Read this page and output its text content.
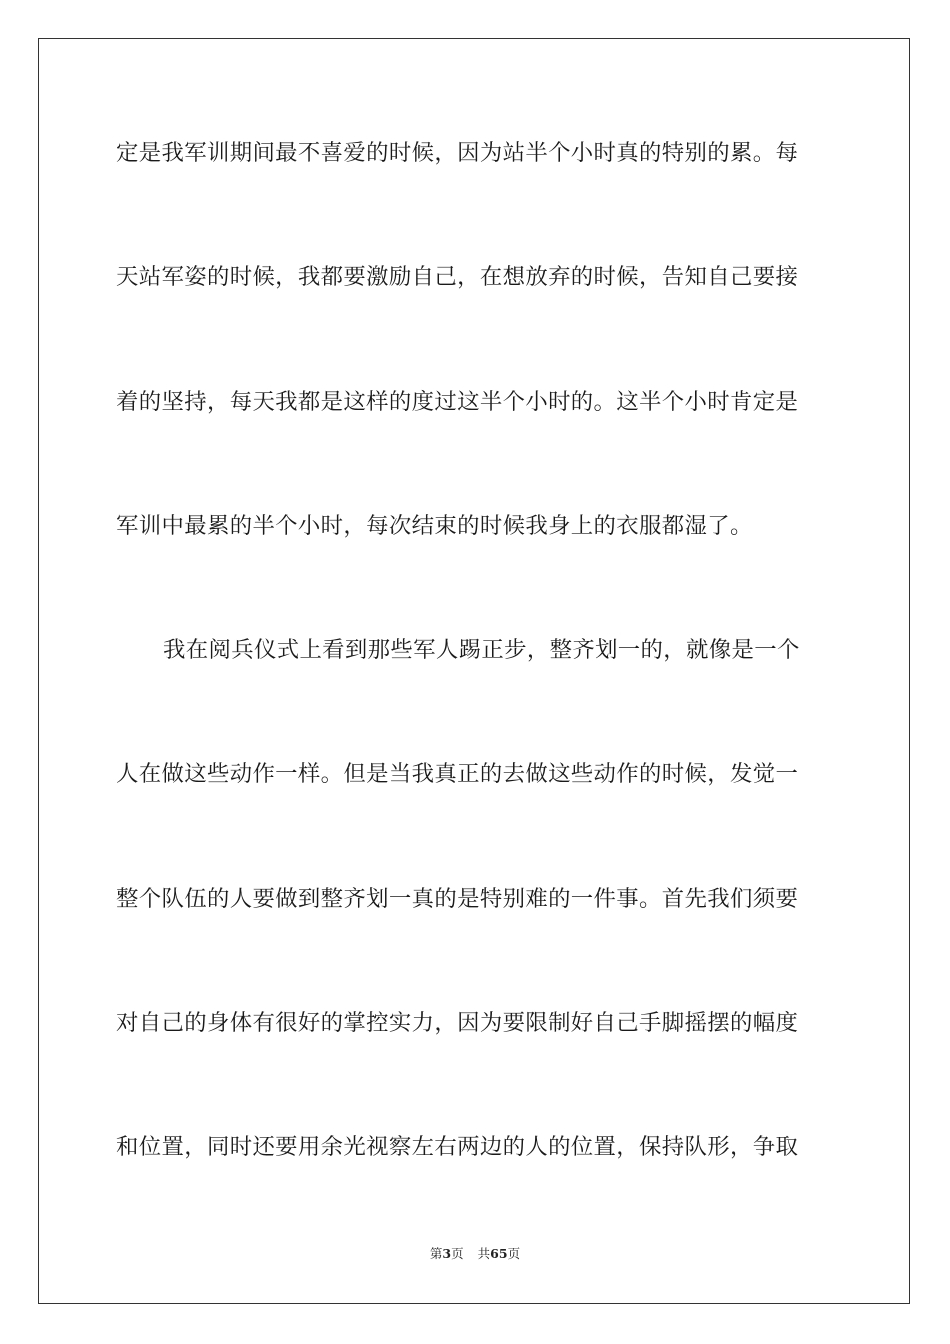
定是我军训期间最不喜爱的时候，因为站半个小时真的特别的累。每
天站军姿的时候，我都要激励自己，在想放弃的时候，告知自己要接
着的坚持，每天我都是这样的度过这半个小时的。这半个小时肯定是
军训中最累的半个小时，每次结束的时候我身上的衣服都湿了。
我在阅兵仪式上看到那些军人踢正步，整齐划一的，就像是一个
人在做这些动作一样。但是当我真正的去做这些动作的时候，发觉一
整个队伍的人要做到整齐划一真的是特别难的一件事。首先我们须要
对自己的身体有很好的掌控实力，因为要限制好自己手脚摇摆的幅度
和位置，同时还要用余光视察左右两边的人的位置，保持队形，争取
第3页 共65页
